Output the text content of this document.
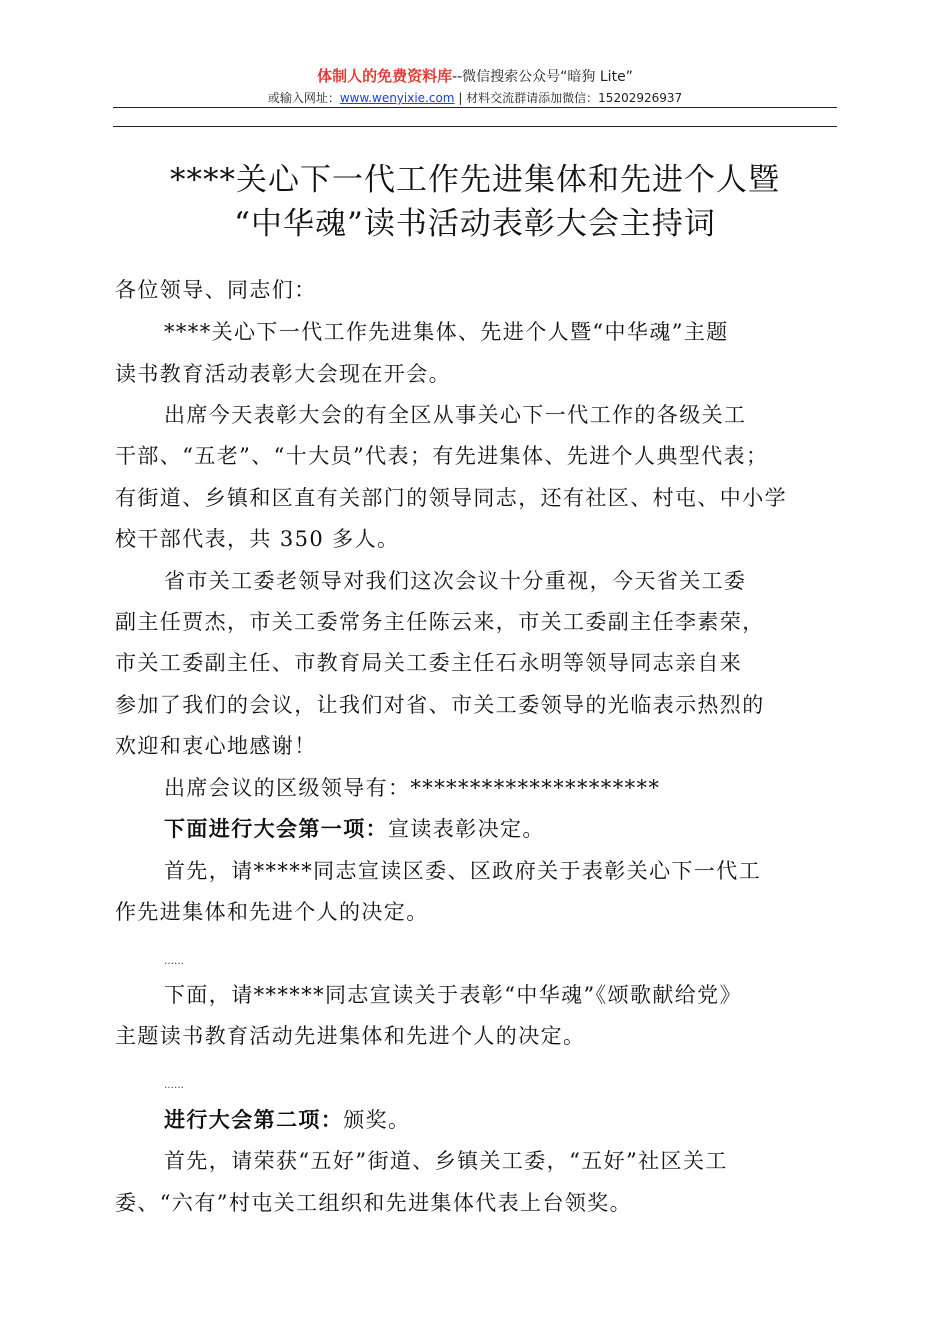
体制人的免费资料库--微信搜索公众号“暗狗 Lite”
或输入网址：www.wenyixie.com | 材料交流群请添加微信：15202926937
****关心下一代工作先进集体和先进个人暨
“中华魂”读书活动表彰大会主持词
各位领导、同志们：
****关心下一代工作先进集体、先进个人暨“中华魂”主题
读书教育活动表彰大会现在开会。
出席今天表彰大会的有全区从事关心下一代工作的各级关工
干部、“五老”、“十大员”代表；有先进集体、先进个人典型代表；
有街道、乡镇和区直有关部门的领导同志，还有社区、村屯、中小学
校干部代表，共 350 多人。
省市关工委老领导对我们这次会议十分重视，今天省关工委
副主任贾杰，市关工委常务主任陈云来，市关工委副主任李素荣，
市关工委副主任、市教育局关工委主任石永明等领导同志亲自来
参加了我们的会议，让我们对省、市关工委领导的光临表示热烈的
欢迎和衷心地感谢！
出席会议的区级领导有：*********************
下面进行大会第一项：宣读表彰决定。
首先，请*****同志宣读区委、区政府关于表彰关心下一代工
作先进集体和先进个人的决定。
……
下面，请******同志宣读关于表彰“中华魂”《颂歌献给党》
主题读书教育活动先进集体和先进个人的决定。
……
进行大会第二项：颁奖。
首先，请荣获“五好”街道、乡镇关工委，“五好”社区关工
委、“六有”村屯关工组织和先进集体代表上台领奖。
